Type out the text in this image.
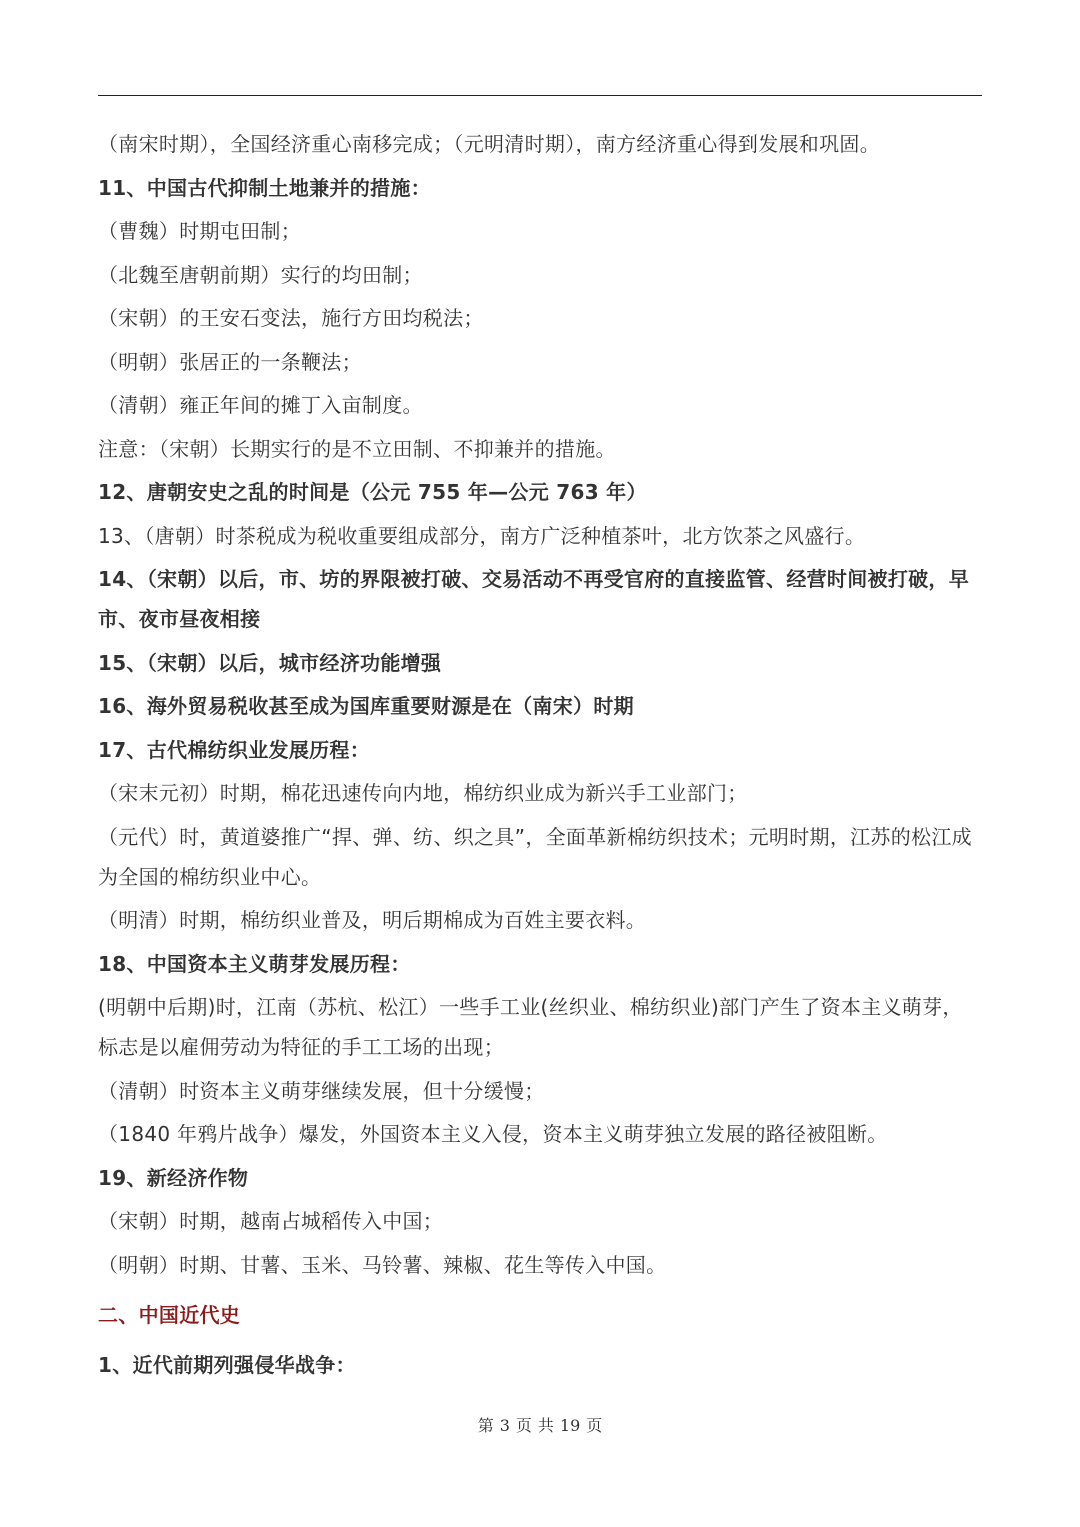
（南宋时期），全国经济重心南移完成；（元明清时期），南方经济重心得到发展和巩固。

11、中国古代抑制土地兼并的措施：

（曹魏）时期屯田制；

（北魏至唐朝前期）实行的均田制；

（宋朝）的王安石变法，施行方田均税法；

（明朝）张居正的一条鞭法；

（清朝）雍正年间的摊丁入亩制度。

注意：（宋朝）长期实行的是不立田制、不抑兼并的措施。

12、唐朝安史之乱的时间是（公元 755 年—公元 763 年）

13、（唐朝）时茶税成为税收重要组成部分，南方广泛种植茶叶，北方饮茶之风盛行。

14、（宋朝）以后，市、坊的界限被打破、交易活动不再受官府的直接监管、经营时间被打破，早市、夜市昼夜相接

15、（宋朝）以后，城市经济功能增强

16、海外贸易税收甚至成为国库重要财源是在（南宋）时期

17、古代棉纺织业发展历程：

（宋末元初）时期，棉花迅速传向内地，棉纺织业成为新兴手工业部门；

（元代）时，黄道婆推广“捍、弹、纺、织之具”，全面革新棉纺织技术；元明时期，江苏的松江成为全国的棉纺织业中心。

（明清）时期，棉纺织业普及，明后期棉成为百姓主要衣料。

18、中国资本主义萌芽发展历程：

(明朝中后期)时，江南（苏杭、松江）一些手工业(丝织业、棉纺织业)部门产生了资本主义萌芽，标志是以雇佣劳动为特征的手工工场的出现；

（清朝）时资本主义萌芽继续发展，但十分缓慢；

（1840 年鸦片战争）爆发，外国资本主义入侵，资本主义萌芽独立发展的路径被阻断。

19、新经济作物

（宋朝）时期，越南占城稻传入中国；

（明朝）时期、甘薯、玉米、马铃薯、辣椒、花生等传入中国。

二、中国近代史

1、近代前期列强侵华战争：

第 3 页 共 19 页
